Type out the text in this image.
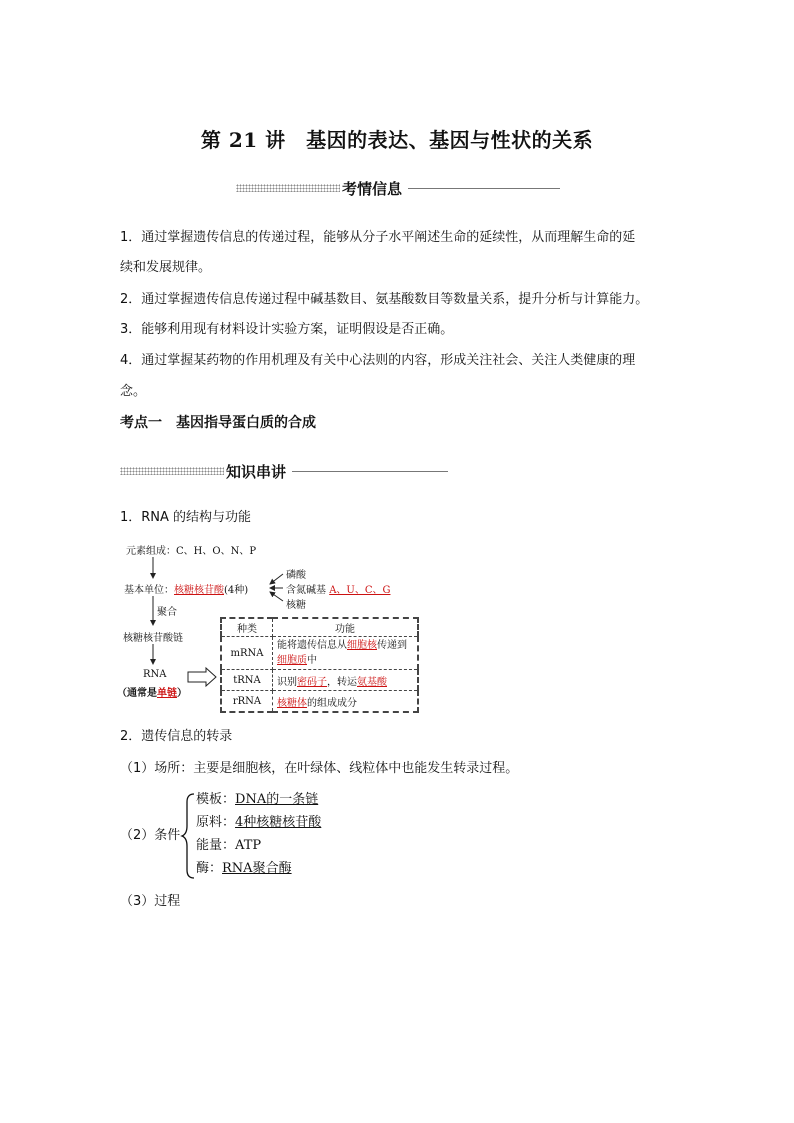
第 21 讲　基因的表达、基因与性状的关系
考情信息
1．通过掌握遗传信息的传递过程，能够从分子水平阐述生命的延续性，从而理解生命的延
续和发展规律。
2．通过掌握遗传信息传递过程中碱基数目、氨基酸数目等数量关系，提升分析与计算能力。
3．能够利用现有材料设计实验方案，证明假设是否正确。
4．通过掌握某药物的作用机理及有关中心法则的内容，形成关注社会、关注人类健康的理
念。
考点一　基因指导蛋白质的合成
知识串讲
1．RNA 的结构与功能
元素组成：C、H、O、N、P
基本单位：核糖核苷酸(4种)
磷酸
含氮碱基 A、U、C、G
核糖
聚合
核糖核苷酸链
RNA
（通常是单链）
种类	功能
mRNA	能将遗传信息从细胞核传递到
细胞质中
tRNA	识别密码子，转运氨基酸
rRNA	核糖体的组成成分
2．遗传信息的转录
（1）场所：主要是细胞核，在叶绿体、线粒体中也能发生转录过程。
（2）条件
模板：DNA的一条链
原料：4种核糖核苷酸
能量：ATP
酶：RNA聚合酶
（3）过程
